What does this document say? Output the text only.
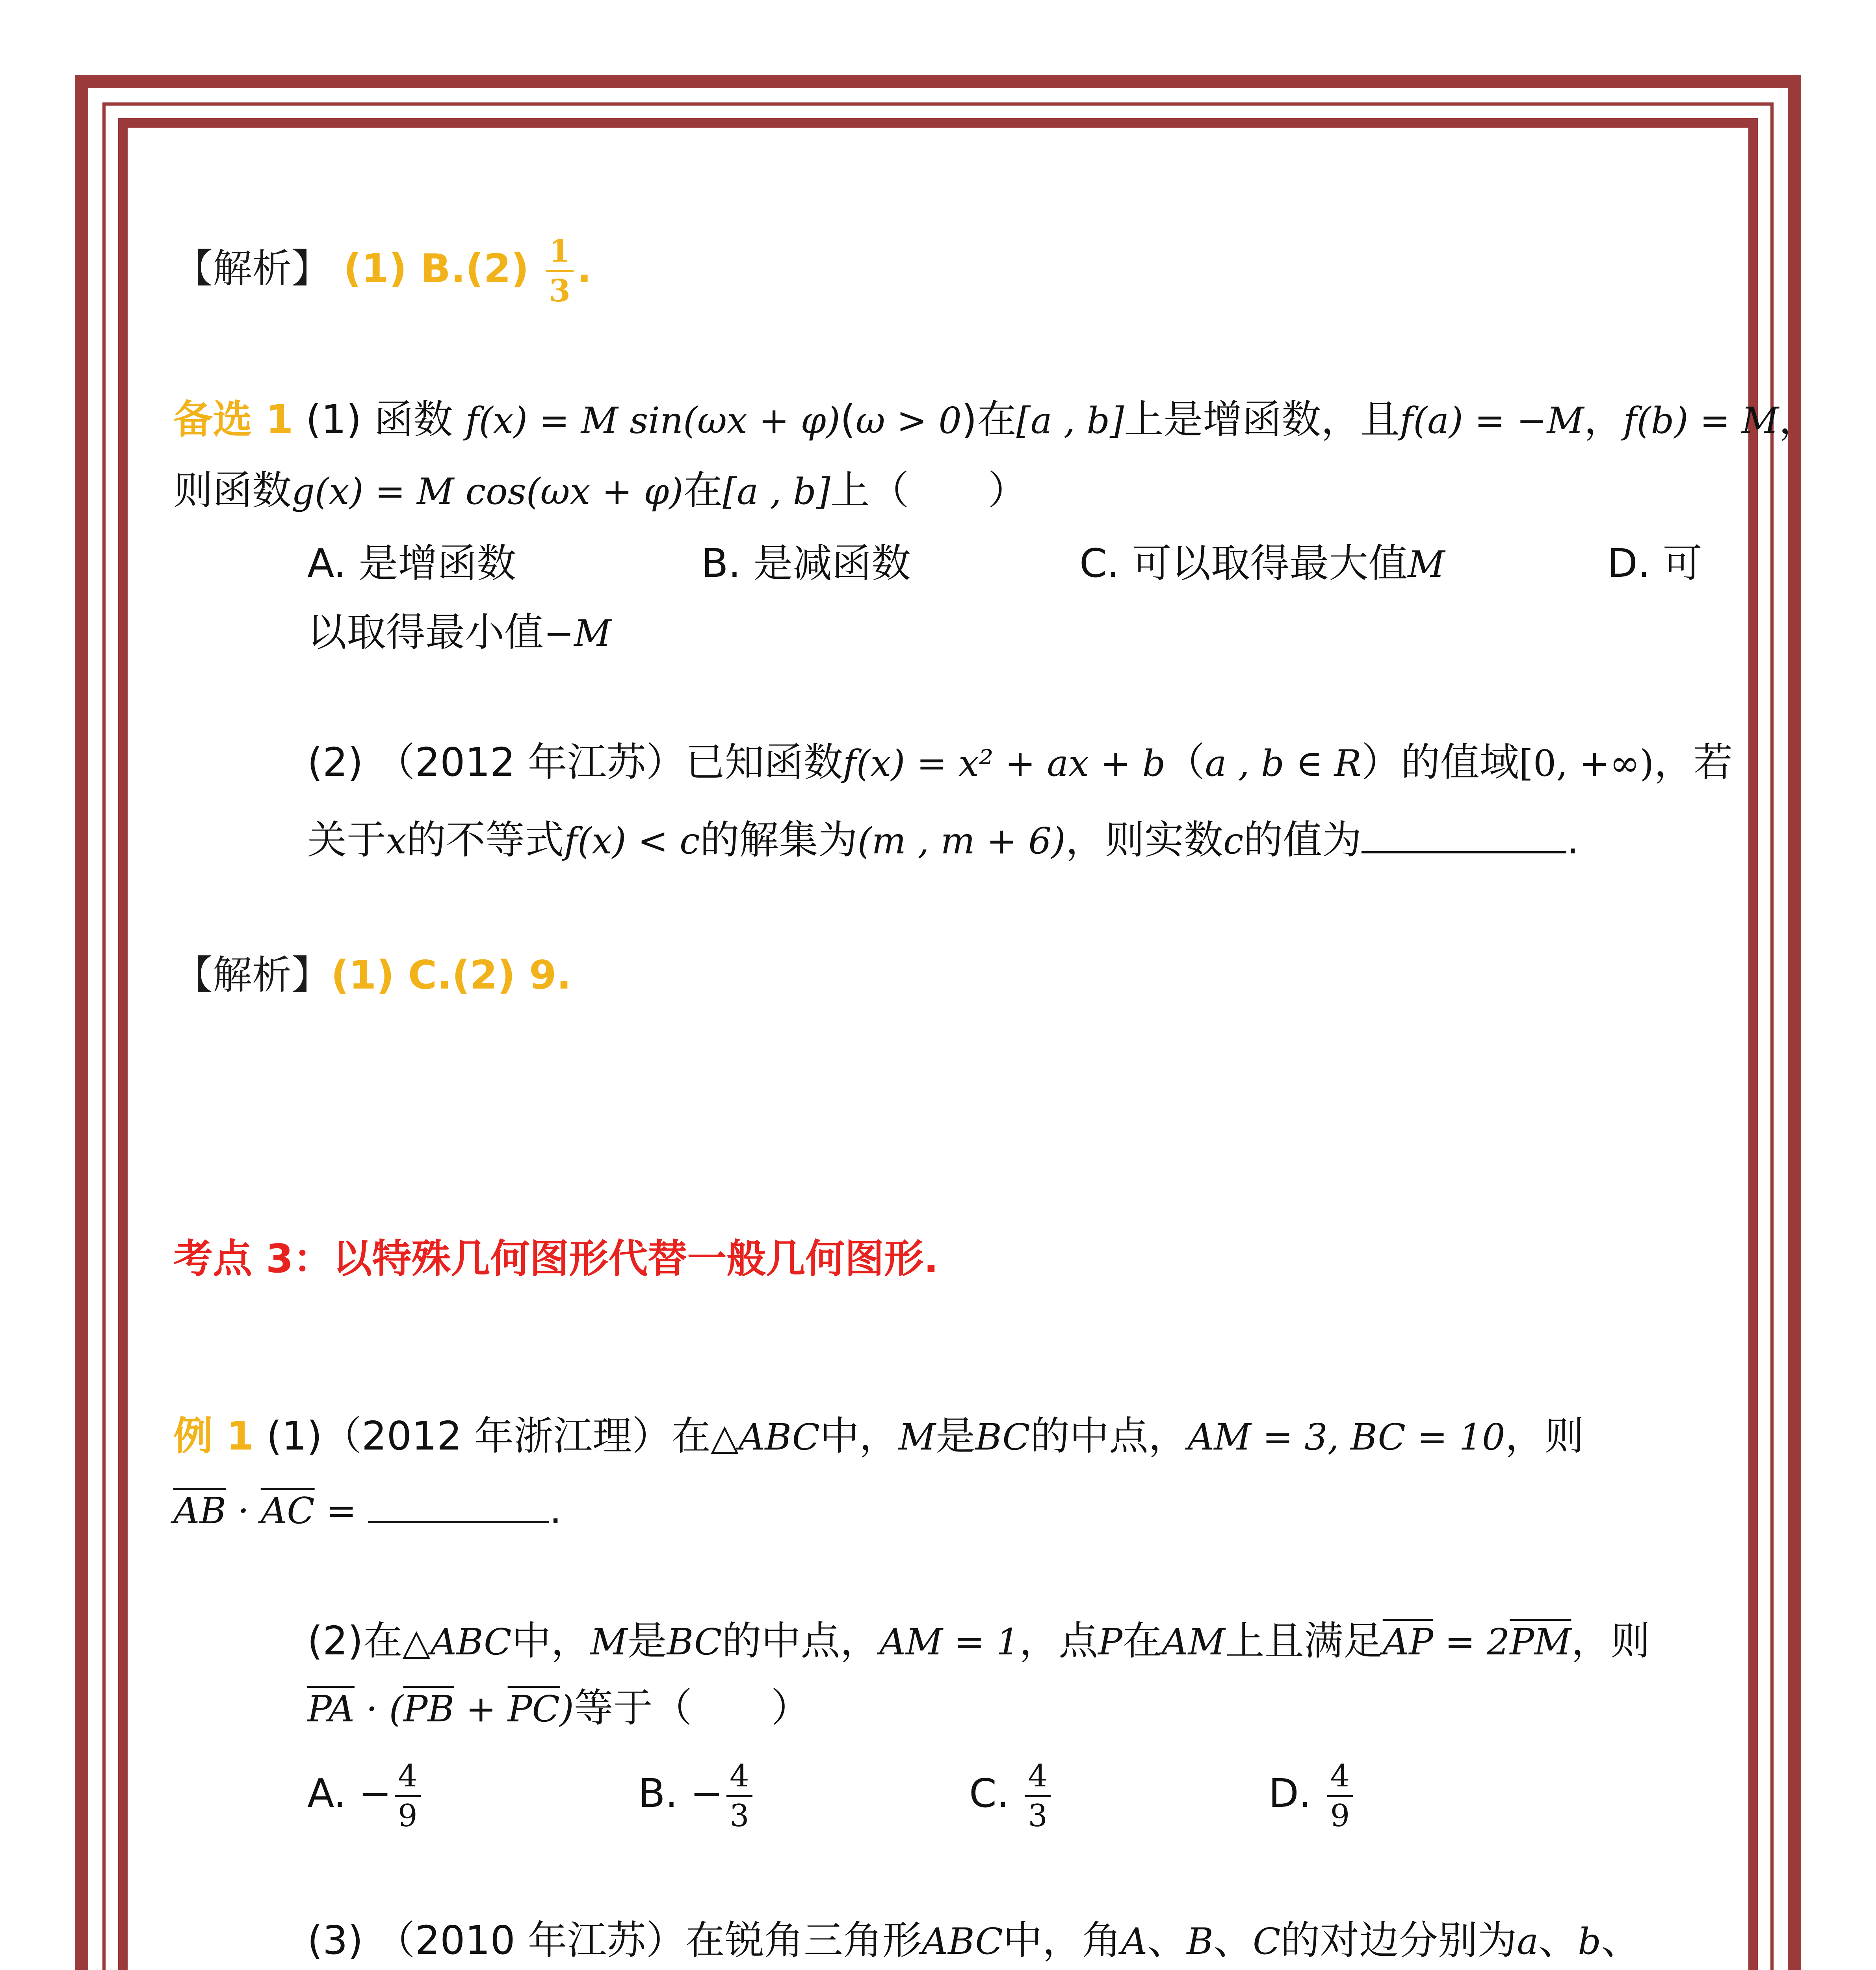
【解析】 (1) $B.(2) \frac{1}{3}$ .
备选 1 (1) 函数 f(x) = M sin(ωx + φ)(ω > 0)在[a , b]上是增函数，且f(a) = −M，f(b) = M，
则函数g(x) = M cos(ωx + φ)在[a , b]上（　　）
A. 是增函数	B. 是减函数	C. 可以取得最大值M	D. 可
以取得最小值−M
(2) （2012 年江苏）已知函数f(x) = x² + ax + b（a , b ∈ R）的值域[0, +∞)，若
关于x的不等式f(x) < c的解集为(m , m + 6)，则实数c的值为	.
【解析】(1) C.(2) 9.
考点 3：以特殊几何图形代替一般几何图形.
例 1 (1)（2012 年浙江理）在△ABC中，M是BC的中点，AM = 3, BC = 10，则
$\overline{AB} \cdot \overline{AC}$ =	.
(2)在△ABC中，M是BC的中点，AM = 1，点P在AM上且满足$\overline{AP} = 2\overline{PM}$，则
$\overline{PA} \cdot (\overline{PB} + \overline{PC})$等于（　　）
A. − $\frac{4}{9}$	B. − $\frac{4}{3}$	C. $\frac{4}{3}$	D. $\frac{4}{9}$
(3) （2010 年江苏）在锐角三角形ABC中，角A、B、C的对边分别为a、b、
